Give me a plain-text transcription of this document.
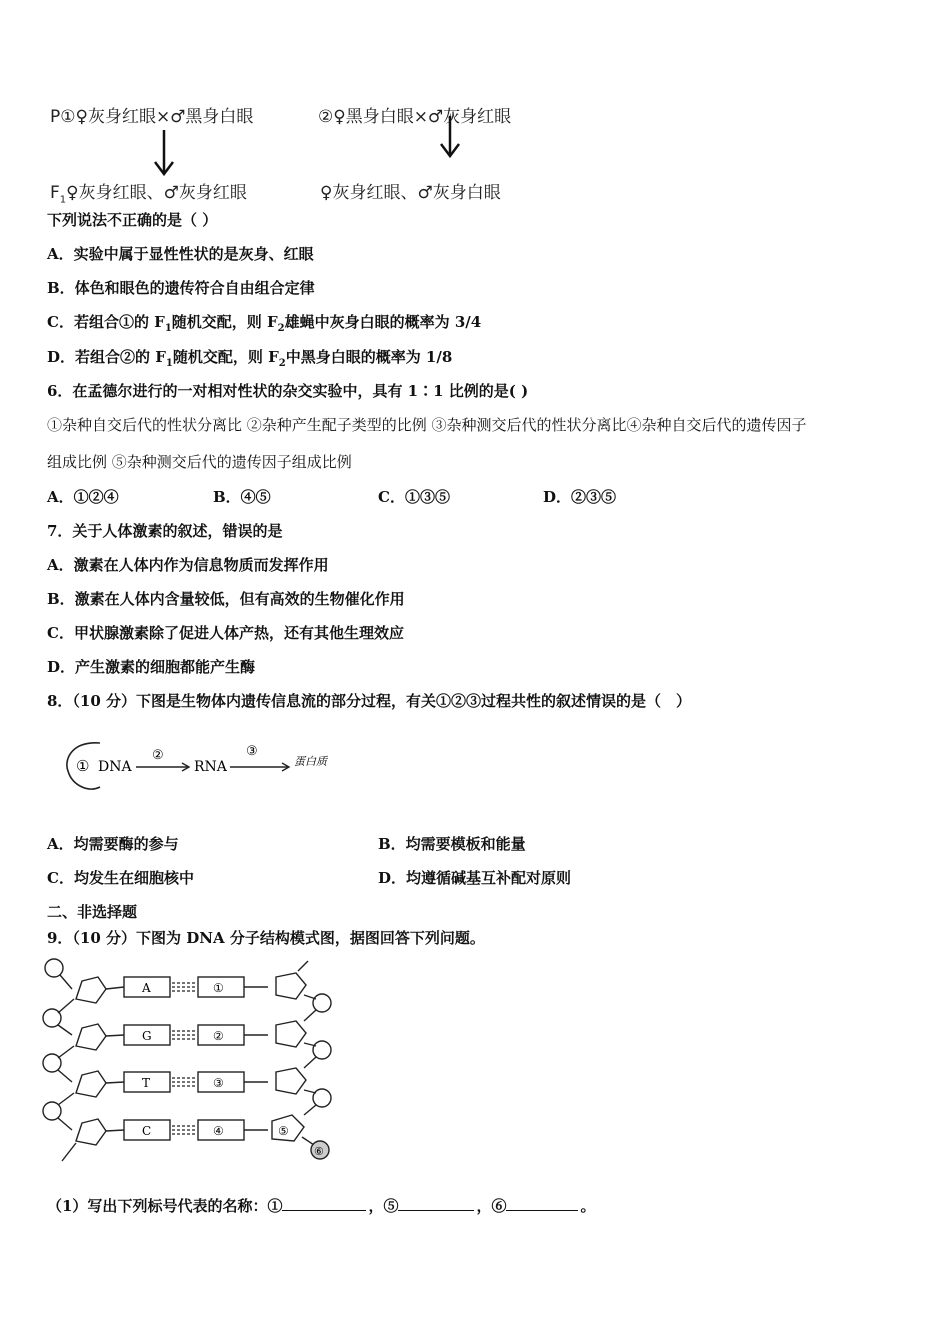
P①♀灰身红眼×♂黑身白眼	②♀黑身白眼×♂灰身红眼
$F_1♀$灰身红眼、♂灰身红眼	♀灰身红眼、♂灰身白眼
下列说法不正确的是（ ）
A．实验中属于显性性状的是灰身、红眼
B．体色和眼色的遗传符合自由组合定律
C．若组合①的 $F_1$随机交配，则 $F_2$雄蝇中灰身白眼的概率为 3/4
D．若组合②的 $F_1$随机交配，则 $F_2$中黑身白眼的概率为 1/8
6．在孟德尔进行的一对相对性状的杂交实验中，具有 1∶1 比例的是( )
①杂种自交后代的性状分离比 ②杂种产生配子类型的比例 ③杂种测交后代的性状分离比④杂种自交后代的遗传因子
组成比例 ⑤杂种测交后代的遗传因子组成比例
A．①②④	B．④⑤	C．①③⑤	D．②③⑤
7．关于人体激素的叙述，错误的是
A．激素在人体内作为信息物质而发挥作用
B．激素在人体内含量较低，但有高效的生物催化作用
C．甲状腺激素除了促进人体产热，还有其他生理效应
D．产生激素的细胞都能产生酶
8．（10 分）下图是生物体内遗传信息流的部分过程，有关①②③过程共性的叙述情误的是（　）
① DNA
②
RNA
③
蛋白质
A．均需要酶的参与	B．均需要模板和能量
C．均发生在细胞核中	D．均遵循碱基互补配对原则
二、非选择题
9．（10 分）下图为 DNA 分子结构模式图，据图回答下列问题。
A
G
T
C
①
②
③
④	⑤
⑥
（1）写出下列标号代表的名称：①	，⑤	，⑥	。
